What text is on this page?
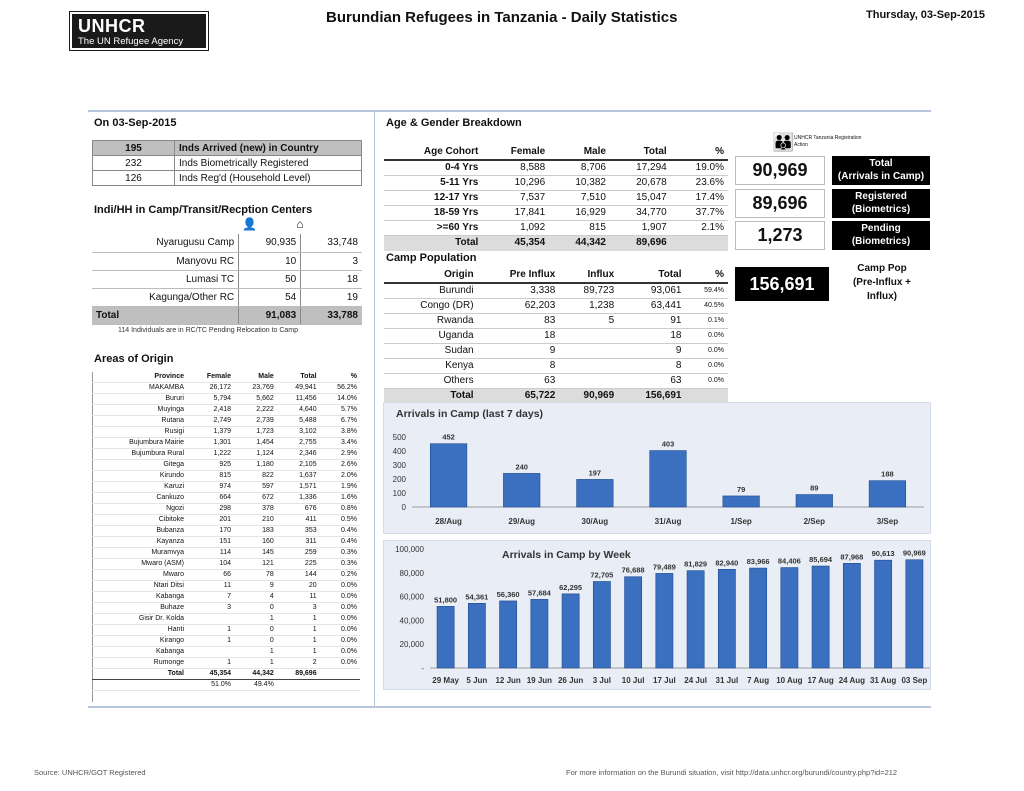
UNHCR
The UN Refugee Agency
Burundian Refugees in Tanzania - Daily Statistics	Thursday, 03-Sep-2015
On 03-Sep-2015
195	Inds Arrived (new) in Country
232	Inds Biometrically Registered
126	Inds Reg'd (Household Level)
Indi/HH in Camp/Transit/Recption Centers
👤	⌂
Nyarugusu Camp	90,935	33,748
Manyovu RC	10	3
Lumasi TC	50	18
Kagunga/Other RC	54	19
Total	91,083	33,788
114 Individuals are in RC/TC Pending Relocation to Camp
Areas of Origin
Province	Female	Male	Total	%
MAKAMBA	26,172	23,769	49,941	56.2%
Bururi	5,794	5,662	11,456	14.0%
Muyinga	2,418	2,222	4,640	5.7%
Rutana	2,749	2,739	5,488	6.7%
Rusigi	1,379	1,723	3,102	3.8%
Bujumbura Mairie	1,301	1,454	2,755	3.4%
Bujumbura Rural	1,222	1,124	2,346	2.9%
Gitega	925	1,180	2,105	2.6%
Kirundo	815	822	1,637	2.0%
Karuzi	974	597	1,571	1.9%
Cankuzo	664	672	1,336	1.6%
Ngozi	298	378	676	0.8%
Cibitoke	201	210	411	0.5%
Bubanza	170	183	353	0.4%
Kayanza	151	160	311	0.4%
Muramvya	114	145	259	0.3%
Mwaro (ASM)	104	121	225	0.3%
Mwaro	66	78	144	0.2%
Ntari Ditsi	11	9	20	0.0%
Kabanga	7	4	11	0.0%
Buhaze	3	0	3	0.0%
Gisir Dr. Kolda		1	1	0.0%
Hanti	1	0	1	0.0%
Kirango	1	0	1	0.0%
Kabanga		1	1	0.0%
Rumonge	1	1	2	0.0%
Total	45,354	44,342	89,696	
	51.0%	49.4%		
Age & Gender Breakdown
Age Cohort	Female	Male	Total	%
0-4 Yrs	8,588	8,706	17,294	19.0%
5-11 Yrs	10,296	10,382	20,678	23.6%
12-17 Yrs	7,537	7,510	15,047	17.4%
18-59 Yrs	17,841	16,929	34,770	37.7%
>=60 Yrs	1,092	815	1,907	2.1%
Total	45,354	44,342	89,696	
Camp Population
Origin	Pre Influx	Influx	Total	%
Burundi	3,338	89,723	93,061	59.4%
Congo (DR)	62,203	1,238	63,441	40.5%
Rwanda	83	5	91	0.1%
Uganda	18		18	0.0%
Sudan	9		9	0.0%
Kenya	8		8	0.0%
Others	63		63	0.0%
Total	65,722	90,969	156,691	
👪 UNHCR Tanzania Registration Action
90,969	Total
(Arrivals in Camp)
89,696	Registered
(Biometrics)
1,273	Pending
(Biometrics)
156,691
Camp Pop
(Pre-Influx +
Influx)
Arrivals in Camp (last 7 days)
0
100
200
300
400
500	452
28/Aug
240
29/Aug
197
30/Aug
403
31/Aug
79
1/Sep
89
2/Sep
188
3/Sep
Arrivals in Camp by Week
-
20,000
40,000
60,000
80,000
100,000
51,800
29 May
54,361
5 Jun
56,360
12 Jun
57,684
19 Jun
62,295
26 Jun
72,705
3 Jul
76,688
10 Jul
79,489
17 Jul
81,829
24 Jul
82,940
31 Jul
83,966
7 Aug
84,406
10 Aug
85,694
17 Aug
87,968
24 Aug
90,613
31 Aug
90,969
03 Sep
Source: UNHCR/GOT Registered	For more information on the Burundi situation, visit http://data.unhcr.org/burundi/country.php?id=212
